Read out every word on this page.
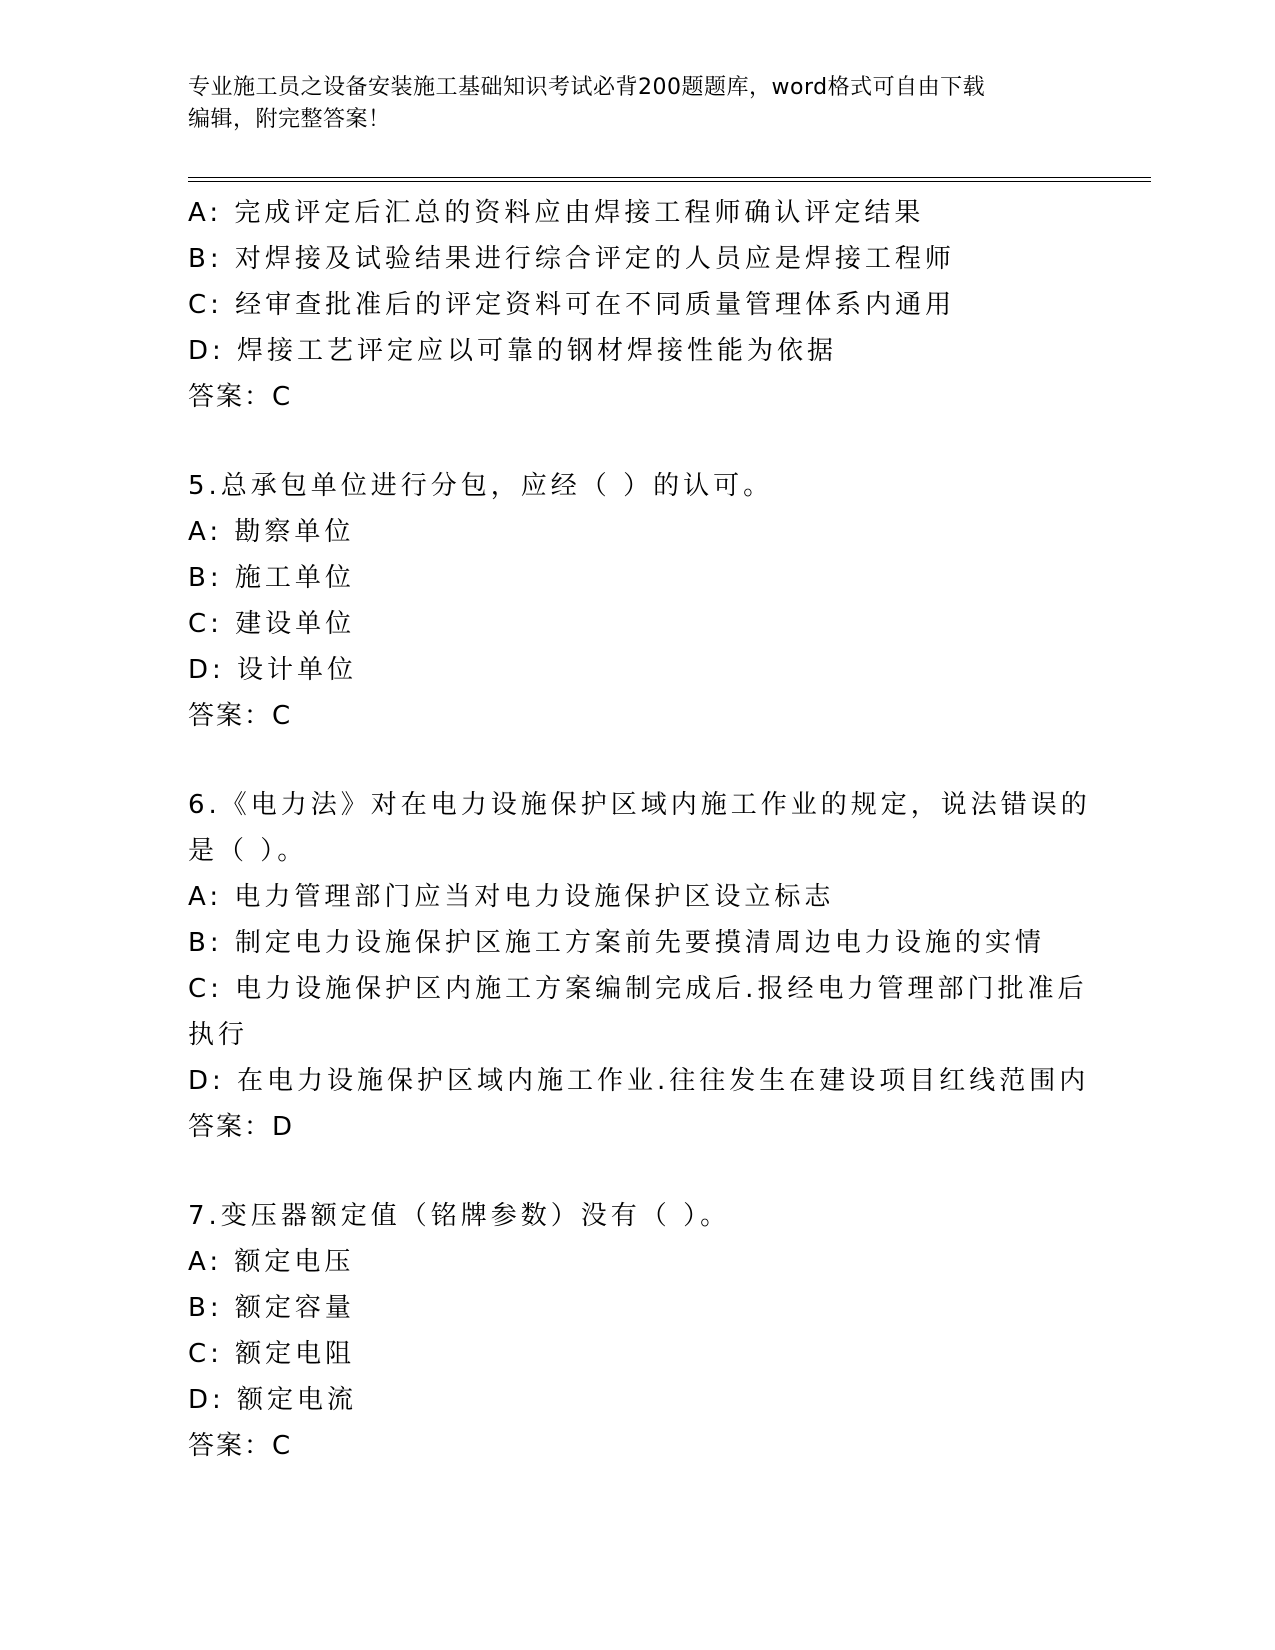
专业施工员之设备安装施工基础知识考试必背200题题库，word格式可自由下载
编辑，附完整答案！
A: 完成评定后汇总的资料应由焊接工程师确认评定结果
B: 对焊接及试验结果进行综合评定的人员应是焊接工程师
C: 经审查批准后的评定资料可在不同质量管理体系内通用
D: 焊接工艺评定应以可靠的钢材焊接性能为依据
答案：C
5.总承包单位进行分包，应经（ ）的认可。
A: 勘察单位
B: 施工单位
C: 建设单位
D: 设计单位
答案：C
6.《电力法》对在电力设施保护区域内施工作业的规定，说法错误的
是（ ）。
A: 电力管理部门应当对电力设施保护区设立标志
B: 制定电力设施保护区施工方案前先要摸清周边电力设施的实情
C: 电力设施保护区内施工方案编制完成后.报经电力管理部门批准后
执行
D: 在电力设施保护区域内施工作业.往往发生在建设项目红线范围内
答案：D
7.变压器额定值（铭牌参数）没有（ ）。
A: 额定电压
B: 额定容量
C: 额定电阻
D: 额定电流
答案：C
